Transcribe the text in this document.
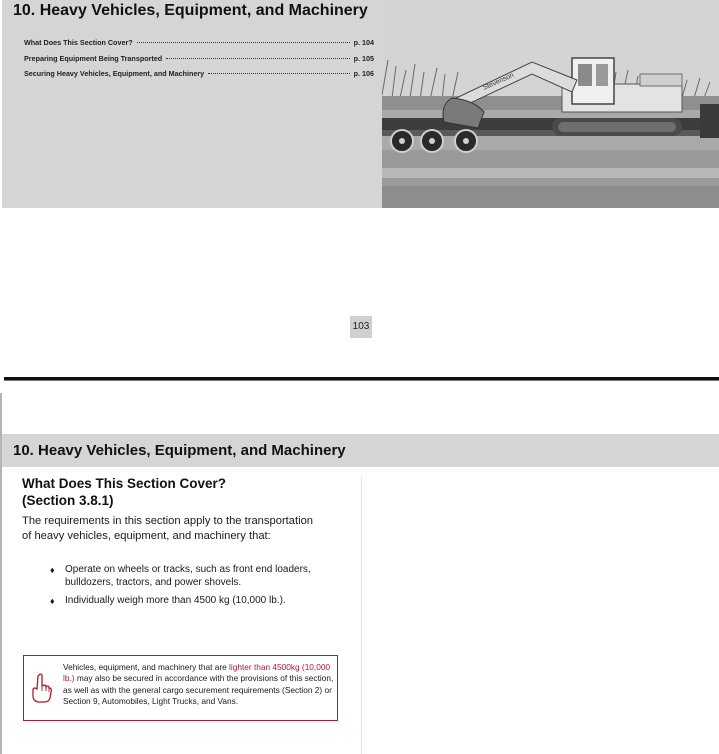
10. Heavy Vehicles, Equipment, and Machinery
What Does This Section Cover?	p. 104
Preparing Equipment Being Transported	p. 105
Securing Heavy Vehicles, Equipment, and Machinery	p. 106	Stevenson
103
10. Heavy Vehicles, Equipment, and Machinery
What Does This Section Cover?
(Section 3.8.1)
The requirements in this section apply to the transportation of heavy vehicles, equipment, and machinery that:
♦ Operate on wheels or tracks, such as front end loaders, bulldozers, tractors, and power shovels.
♦ Individually weigh more than 4500 kg (10,000 lb.).
Vehicles, equipment, and machinery that are lighter than 4500kg (10,000 lb.) may also be secured in accordance with the provisions of this section, as well as with the general cargo securement requirements (Section 2) or Section 9, Automobiles, Light Trucks, and Vans.
